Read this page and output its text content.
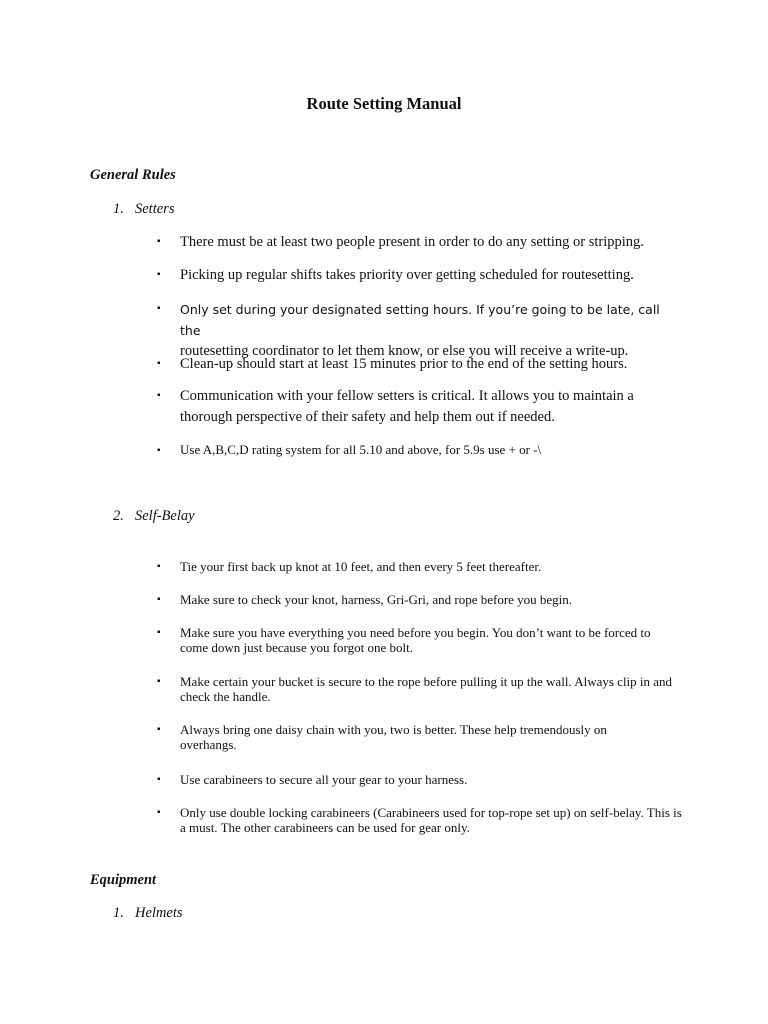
Route Setting Manual
General Rules
1. Setters
▪ There must be at least two people present in order to do any setting or stripping.
▪ Picking up regular shifts takes priority over getting scheduled for routesetting.
▪ Only set during your designated setting hours. If you’re going to be late, call the
routesetting coordinator to let them know, or else you will receive a write-up.
▪ Clean-up should start at least 15 minutes prior to the end of the setting hours.
▪ Communication with your fellow setters is critical. It allows you to maintain a thorough perspective of their safety and help them out if needed.
▪ Use A,B,C,D rating system for all 5.10 and above, for 5.9s use + or -\
2. Self-Belay
▪ Tie your first back up knot at 10 feet, and then every 5 feet thereafter.
▪ Make sure to check your knot, harness, Gri-Gri, and rope before you begin.
▪ Make sure you have everything you need before you begin. You don’t want to be forced to come down just because you forgot one bolt.
▪ Make certain your bucket is secure to the rope before pulling it up the wall. Always clip in and check the handle.
▪ Always bring one daisy chain with you, two is better. These help tremendously on overhangs.
▪ Use carabineers to secure all your gear to your harness.
▪ Only use double locking carabineers (Carabineers used for top-rope set up) on self-belay. This is a must. The other carabineers can be used for gear only.
Equipment
1. Helmets
